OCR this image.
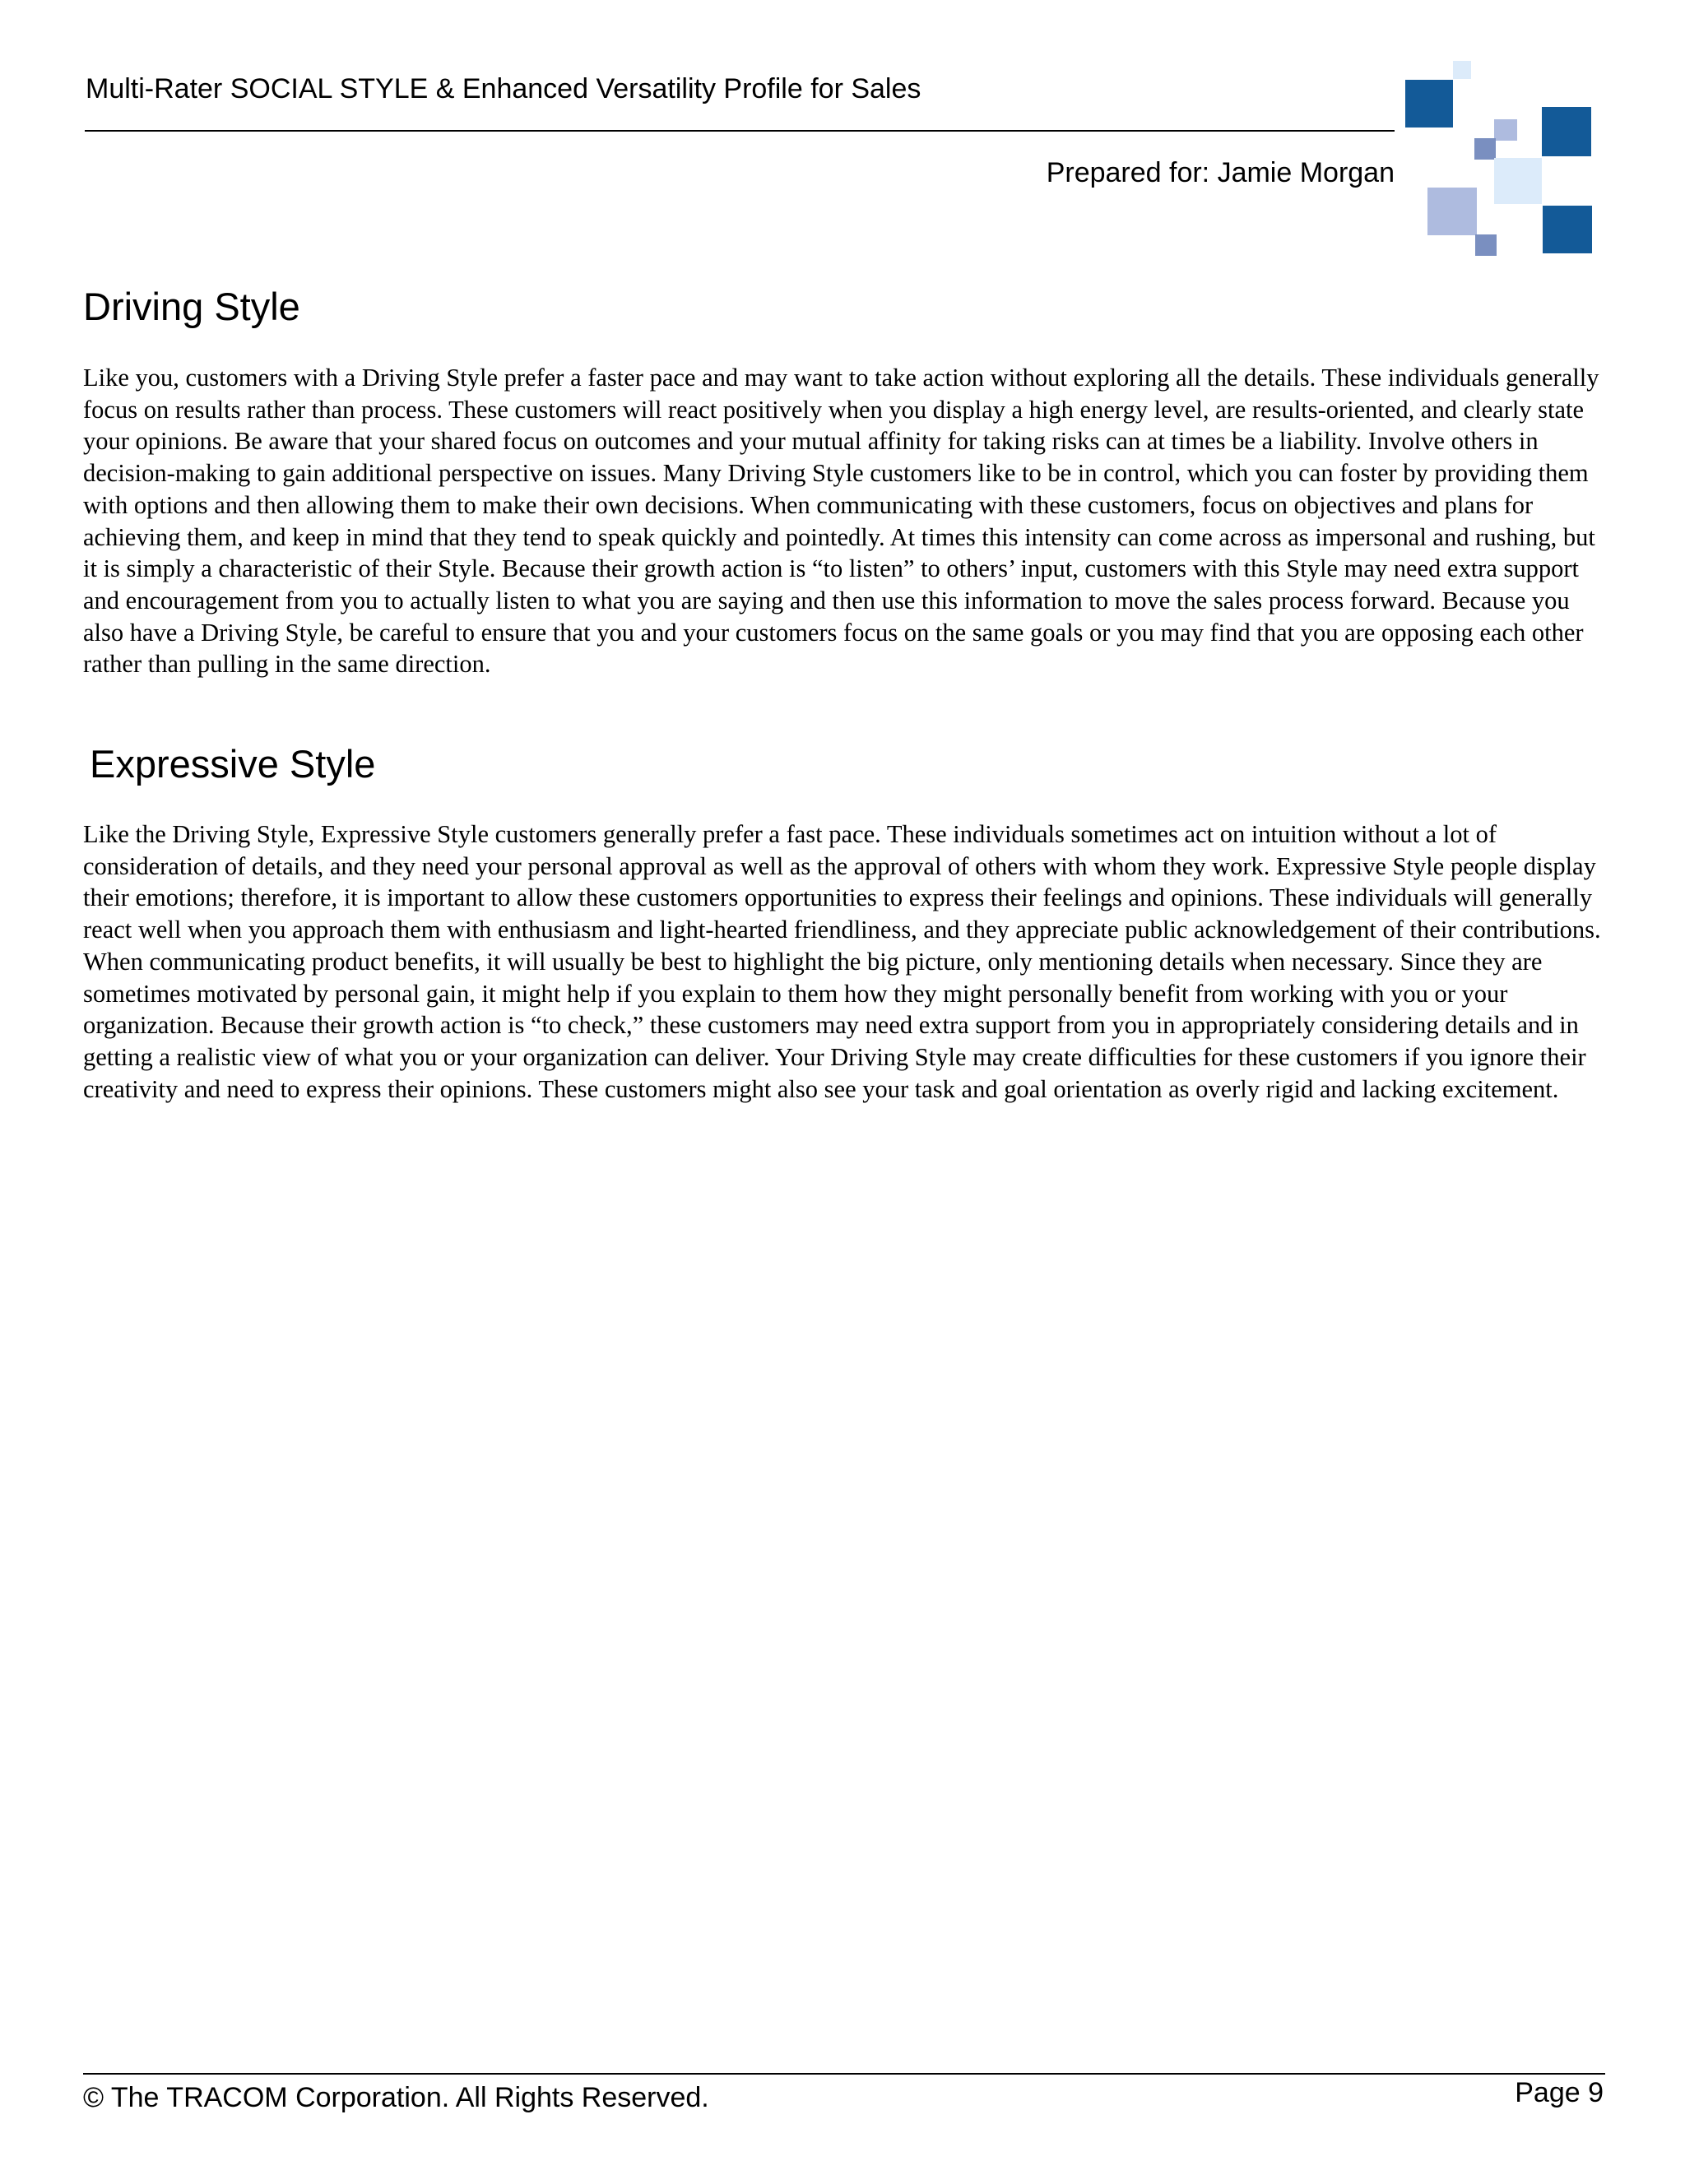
Multi-Rater SOCIAL STYLE & Enhanced Versatility Profile for Sales
Prepared for: Jamie Morgan
Driving Style

Like you, customers with a Driving Style prefer a faster pace and may want to take action without exploring all the details. These individuals generally focus on results rather than process. These customers will react positively when you display a high energy level, are results-oriented, and clearly state your opinions. Be aware that your shared focus on outcomes and your mutual affinity for taking risks can at times be a liability. Involve others in decision-making to gain additional perspective on issues. Many Driving Style customers like to be in control, which you can foster by providing them with options and then allowing them to make their own decisions. When communicating with these customers, focus on objectives and plans for achieving them, and keep in mind that they tend to speak quickly and pointedly. At times this intensity can come across as impersonal and rushing, but it is simply a characteristic of their Style. Because their growth action is “to listen” to others’ input, customers with this Style may need extra support and encouragement from you to actually listen to what you are saying and then use this information to move the sales process forward. Because you also have a Driving Style, be careful to ensure that you and your customers focus on the same goals or you may find that you are opposing each other rather than pulling in the same direction.

Expressive Style

Like the Driving Style, Expressive Style customers generally prefer a fast pace. These individuals sometimes act on intuition without a lot of consideration of details, and they need your personal approval as well as the approval of others with whom they work. Expressive Style people display their emotions; therefore, it is important to allow these customers opportunities to express their feelings and opinions. These individuals will generally react well when you approach them with enthusiasm and light-hearted friendliness, and they appreciate public acknowledgement of their contributions. When communicating product benefits, it will usually be best to highlight the big picture, only mentioning details when necessary. Since they are sometimes motivated by personal gain, it might help if you explain to them how they might personally benefit from working with you or your organization. Because their growth action is “to check,” these customers may need extra support from you in appropriately considering details and in getting a realistic view of what you or your organization can deliver. Your Driving Style may create difficulties for these customers if you ignore their creativity and need to express their opinions. These customers might also see your task and goal orientation as overly rigid and lacking excitement.

© The TRACOM Corporation. All Rights Reserved.	Page 9
